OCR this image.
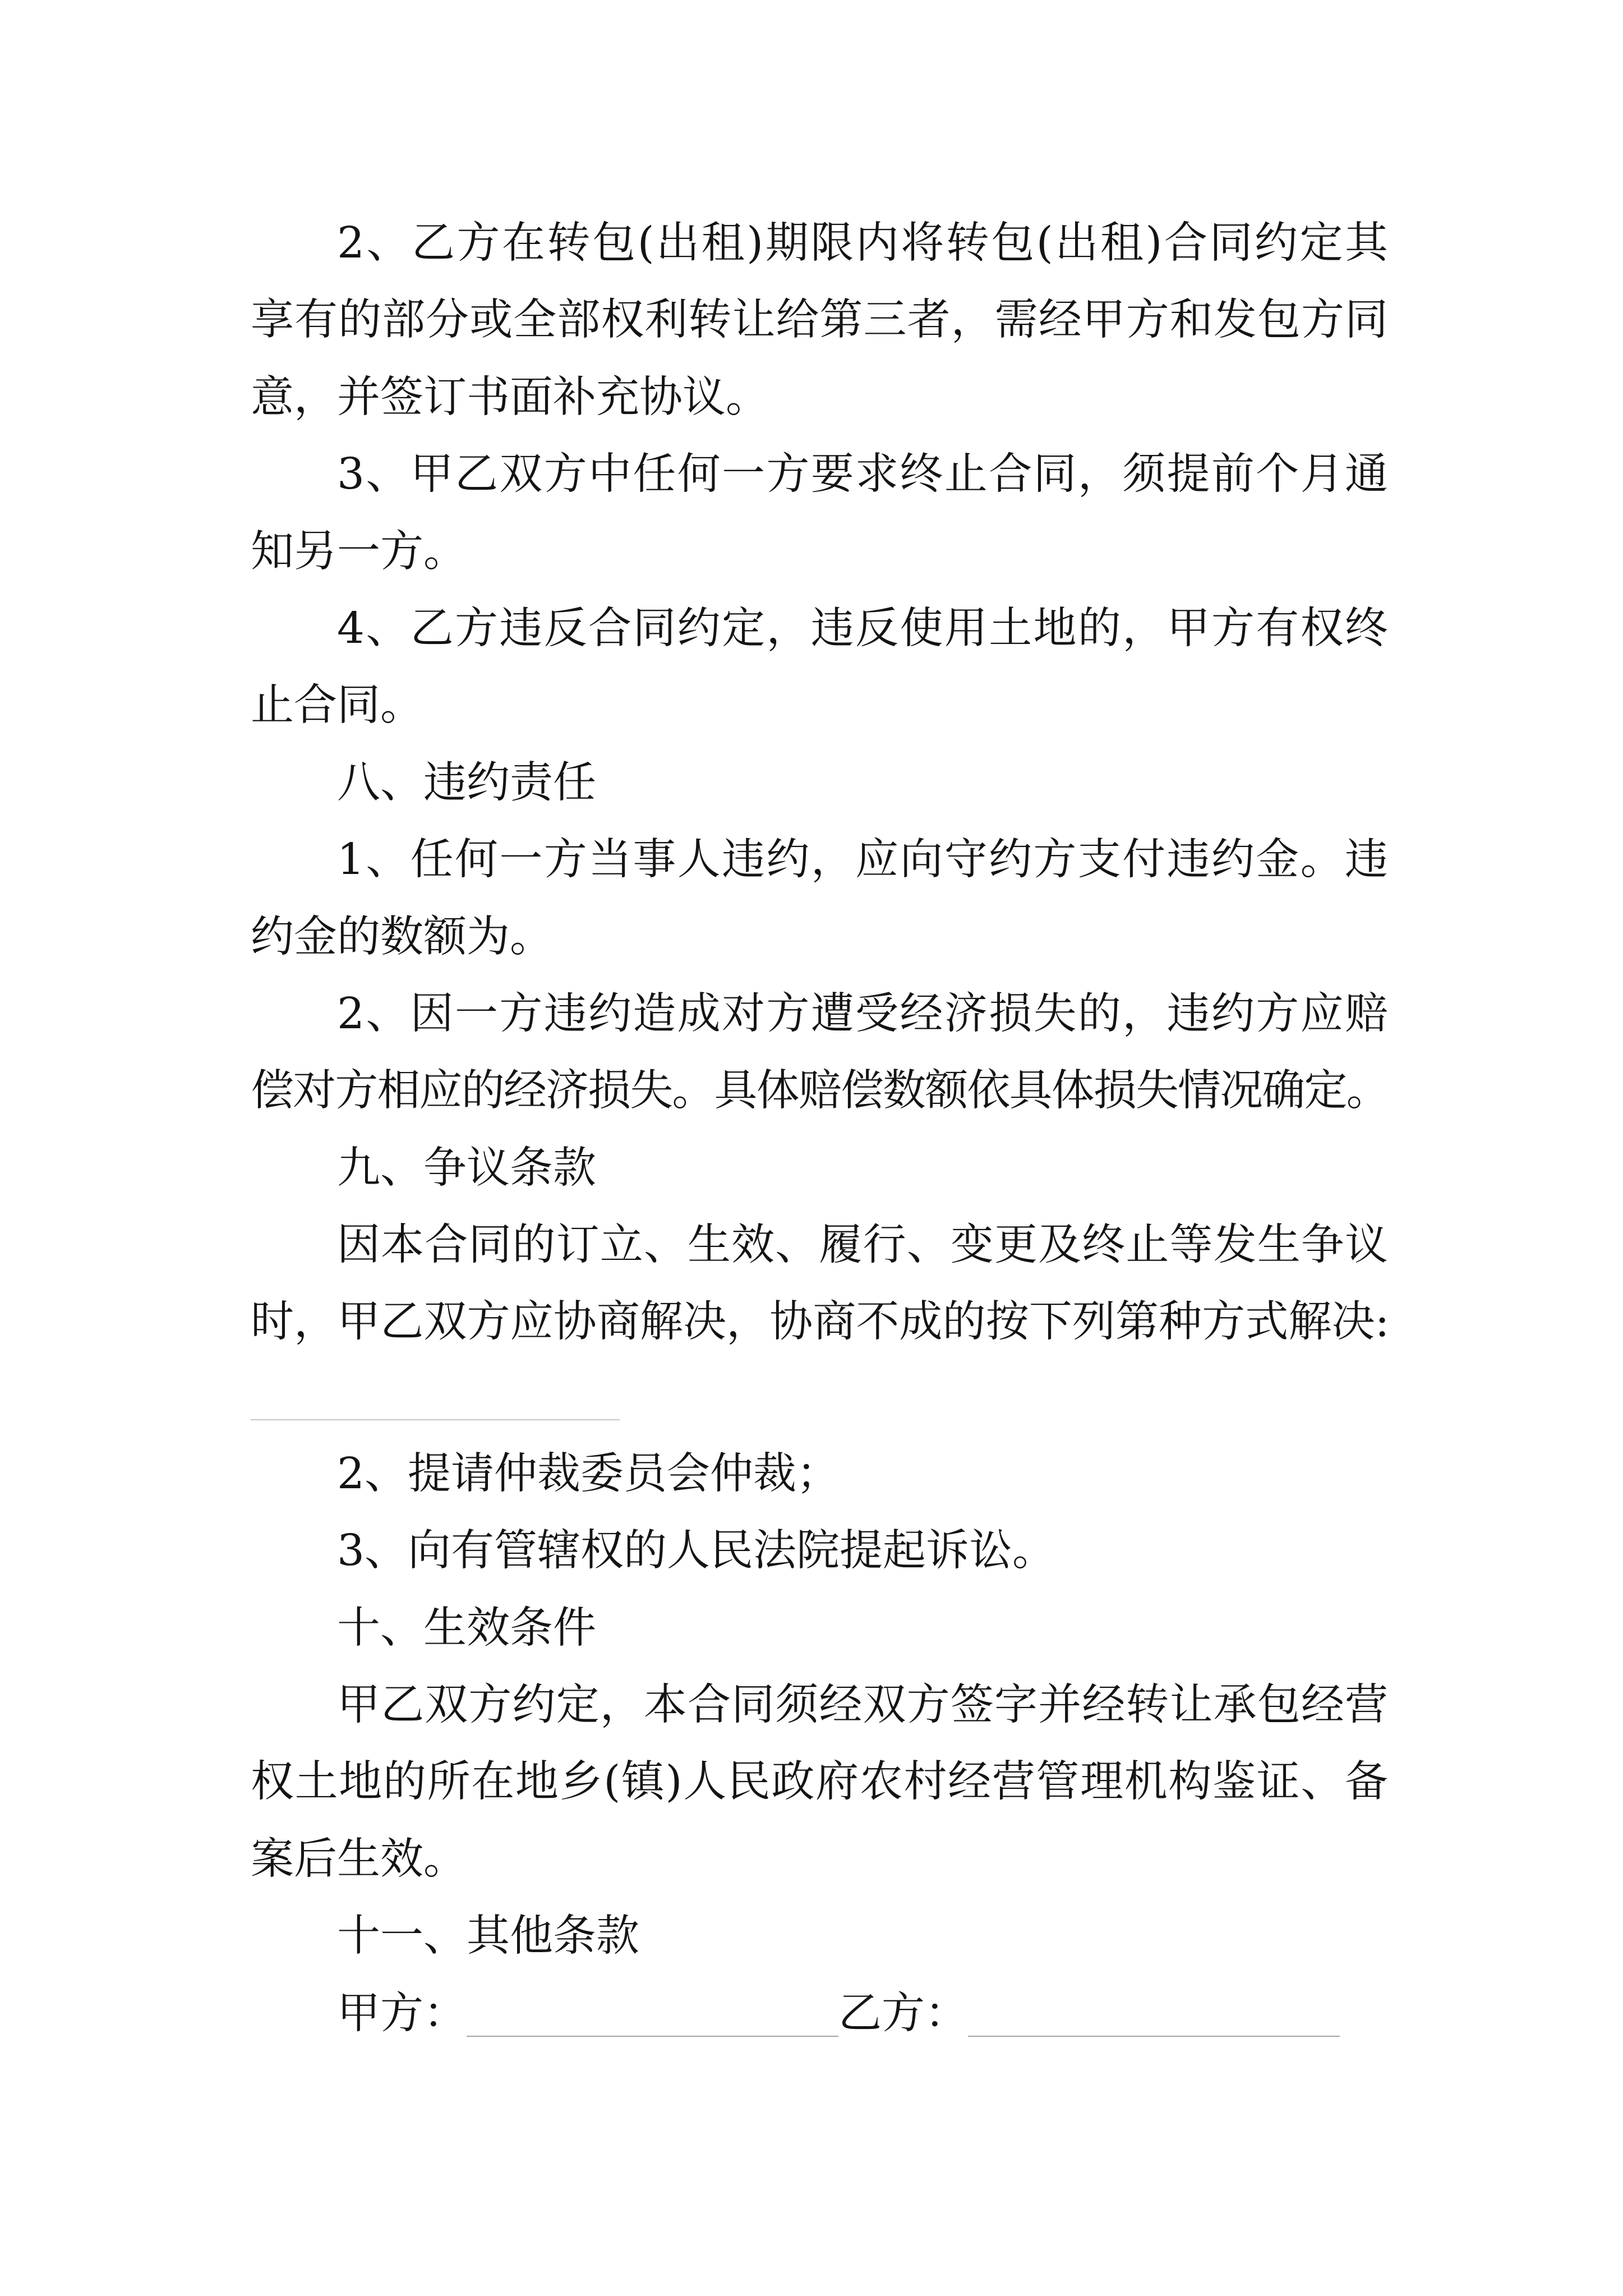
2、乙方在转包(出租)期限内将转包(出租)合同约定其
享有的部分或全部权利转让给第三者，需经甲方和发包方同
意，并签订书面补充协议。
3、甲乙双方中任何一方要求终止合同，须提前个月通
知另一方。
4、乙方违反合同约定，违反使用土地的，甲方有权终
止合同。
八、违约责任
1、任何一方当事人违约，应向守约方支付违约金。违
约金的数额为。
2、因一方违约造成对方遭受经济损失的，违约方应赔
偿对方相应的经济损失。具体赔偿数额依具体损失情况确定。
九、争议条款
因本合同的订立、生效、履行、变更及终止等发生争议
时，甲乙双方应协商解决，协商不成的按下列第种方式解决:
2、提请仲裁委员会仲裁；
3、向有管辖权的人民法院提起诉讼。
十、生效条件
甲乙双方约定，本合同须经双方签字并经转让承包经营
权土地的所在地乡(镇)人民政府农村经营管理机构鉴证、备
案后生效。
十一、其他条款
甲方：	乙方：
